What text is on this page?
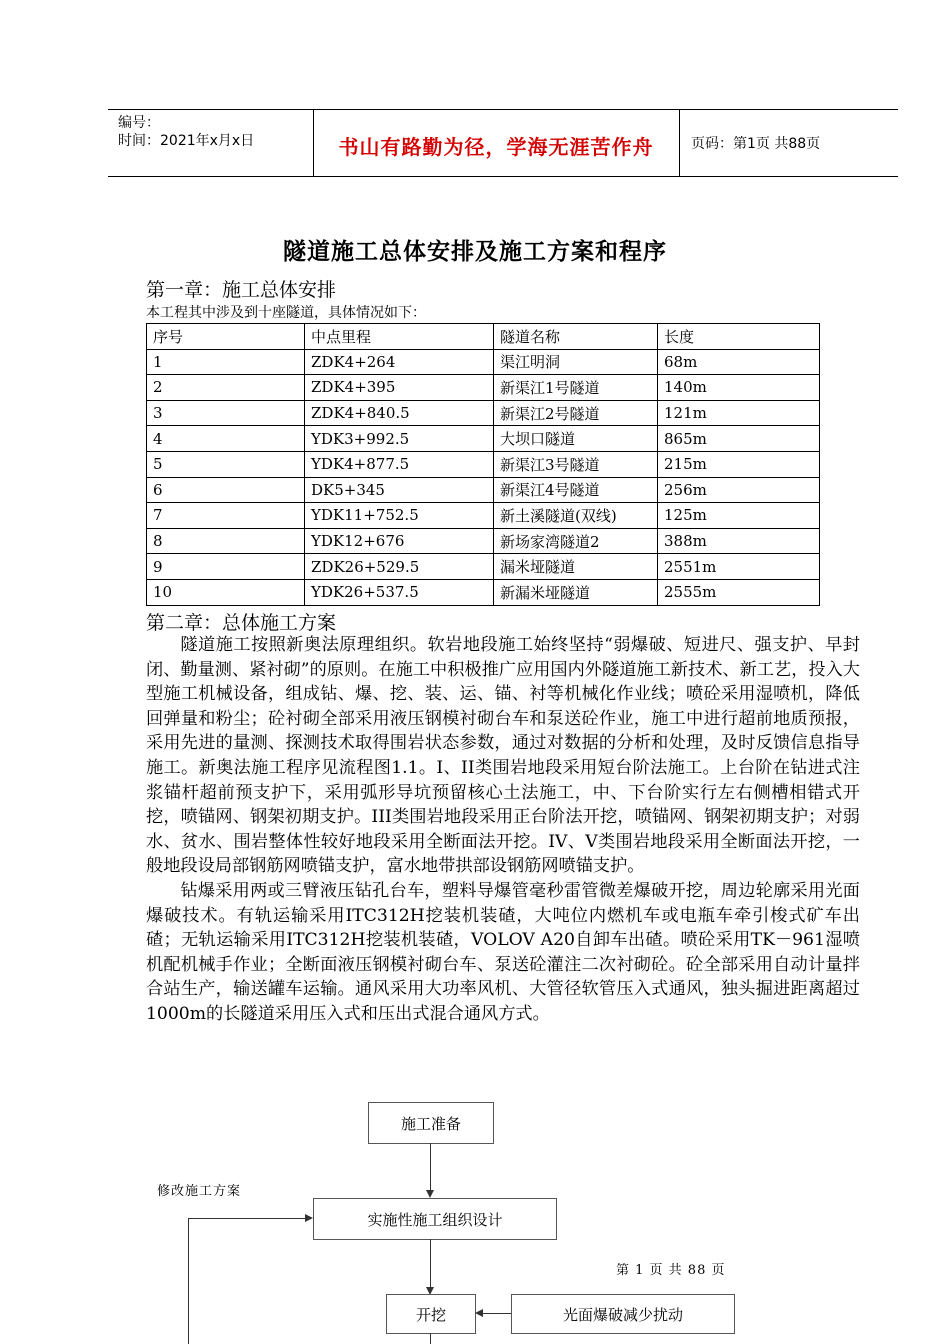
编号：
时间：2021年x月x日	书山有路勤为径，学海无涯苦作舟	页码：第1页 共88页
隧道施工总体安排及施工方案和程序
第一章：施工总体安排
本工程其中涉及到十座隧道，具体情况如下：
序号	中点里程	隧道名称	长度
1	ZDK4+264	渠江明洞	68m
2	ZDK4+395	新渠江1号隧道	140m
3	ZDK4+840.5	新渠江2号隧道	121m
4	YDK3+992.5	大坝口隧道	865m
5	YDK4+877.5	新渠江3号隧道	215m
6	DK5+345	新渠江4号隧道	256m
7	YDK11+752.5	新土溪隧道(双线)	125m
8	YDK12+676	新场家湾隧道2	388m
9	ZDK26+529.5	漏米垭隧道	2551m
10	YDK26+537.5	新漏米垭隧道	2555m
第二章：总体施工方案

隧道施工按照新奥法原理组织。软岩地段施工始终坚持“弱爆破、短进尺、强支护、早封闭、勤量测、紧衬砌”的原则。在施工中积极推广应用国内外隧道施工新技术、新工艺，投入大型施工机械设备，组成钻、爆、挖、装、运、锚、衬等机械化作业线；喷砼采用湿喷机，降低回弹量和粉尘；砼衬砌全部采用液压钢模衬砌台车和泵送砼作业，施工中进行超前地质预报，采用先进的量测、探测技术取得围岩状态参数，通过对数据的分析和处理，及时反馈信息指导施工。新奥法施工程序见流程图1.1。I、II类围岩地段采用短台阶法施工。上台阶在钻进式注浆锚杆超前预支护下，采用弧形导坑预留核心土法施工，中、下台阶实行左右侧槽相错式开挖，喷锚网、钢架初期支护。III类围岩地段采用正台阶法开挖，喷锚网、钢架初期支护；对弱水、贫水、围岩整体性较好地段采用全断面法开挖。IV、V类围岩地段采用全断面法开挖，一般地段设局部钢筋网喷锚支护，富水地带拱部设钢筋网喷锚支护。

钻爆采用两或三臂液压钻孔台车，塑料导爆管毫秒雷管微差爆破开挖，周边轮廓采用光面爆破技术。有轨运输采用ITC312H挖装机装碴，大吨位内燃机车或电瓶车牵引梭式矿车出碴；无轨运输采用ITC312H挖装机装碴，VOLOV A20自卸车出碴。喷砼采用TK－961湿喷机配机械手作业；全断面液压钢模衬砌台车、泵送砼灌注二次衬砌砼。砼全部采用自动计量拌合站生产，输送罐车运输。通风采用大功率风机、大管径软管压入式通风，独头掘进距离超过1000m的长隧道采用压入式和压出式混合通风方式。

施工准备
修改施工方案
实施性施工组织设计
开挖	光面爆破减少扰动
第 1 页 共 88 页
